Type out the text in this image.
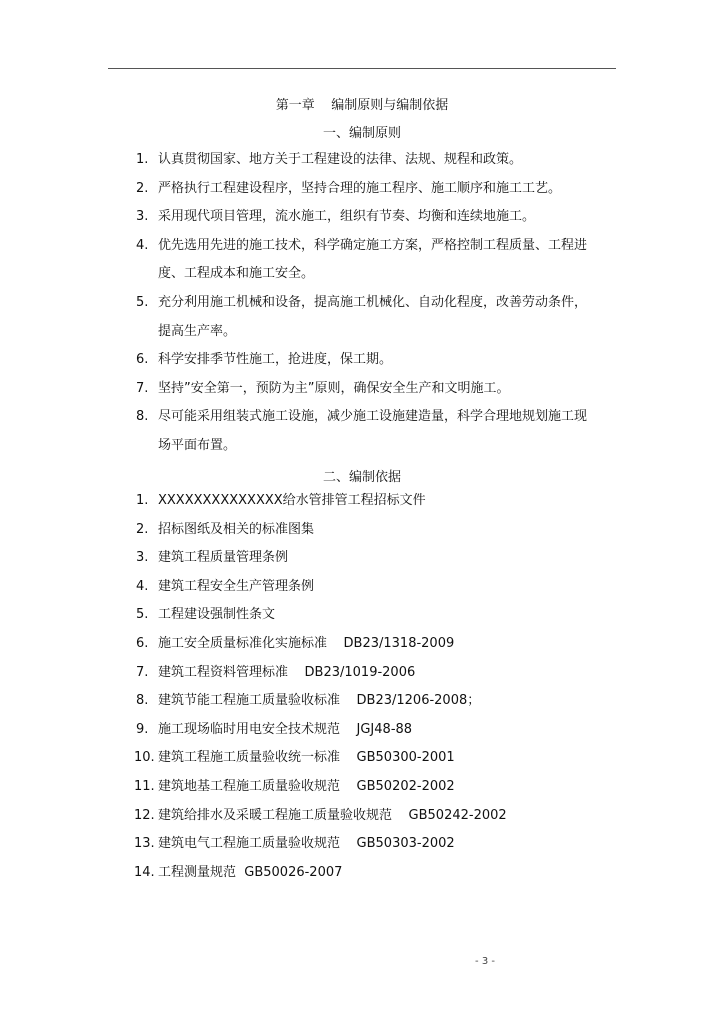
第一章    编制原则与编制依据
一、编制原则
1. 认真贯彻国家、地方关于工程建设的法律、法规、规程和政策。
2. 严格执行工程建设程序，坚持合理的施工程序、施工顺序和施工工艺。
3. 采用现代项目管理，流水施工，组织有节奏、均衡和连续地施工。
4. 优先选用先进的施工技术，科学确定施工方案，严格控制工程质量、工程进度、工程成本和施工安全。
5. 充分利用施工机械和设备，提高施工机械化、自动化程度，改善劳动条件，提高生产率。
6. 科学安排季节性施工，抢进度，保工期。
7. 坚持”安全第一，预防为主”原则，确保安全生产和文明施工。
8. 尽可能采用组装式施工设施，减少施工设施建造量，科学合理地规划施工现场平面布置。
二、编制依据
1. XXXXXXXXXXXXXX给水管排管工程招标文件
2. 招标图纸及相关的标准图集
3. 建筑工程质量管理条例
4. 建筑工程安全生产管理条例
5. 工程建设强制性条文
6. 施工安全质量标准化实施标准    DB23/1318-2009
7. 建筑工程资料管理标准    DB23/1019-2006
8. 建筑节能工程施工质量验收标准    DB23/1206-2008；
9. 施工现场临时用电安全技术规范    JGJ48-88
10. 建筑工程施工质量验收统一标准    GB50300-2001
11. 建筑地基工程施工质量验收规范    GB50202-2002
12. 建筑给排水及采暖工程施工质量验收规范    GB50242-2002
13. 建筑电气工程施工质量验收规范    GB50303-2002
14. 工程测量规范  GB50026-2007
- 3 -
